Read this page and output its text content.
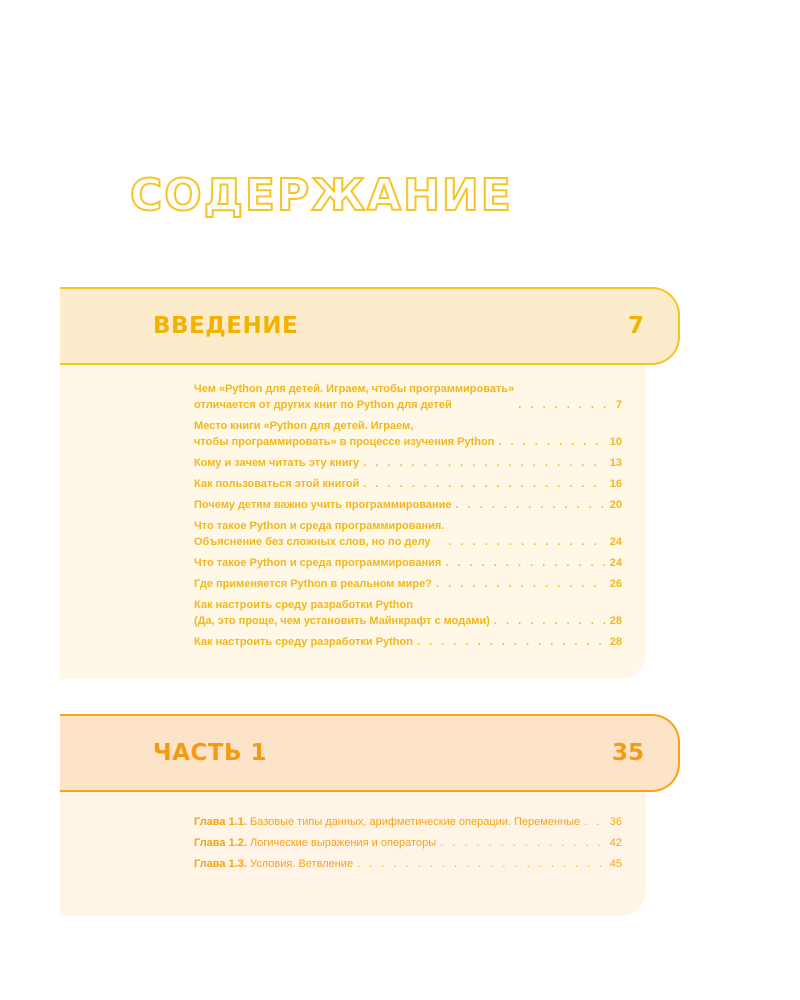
СОДЕРЖАНИЕ
ВВЕДЕНИЕ	7
Чем «Python для детей. Играем, чтобы программировать»
отличается от других книг по Python для детей . . .	7
Место книги «Python для детей. Играем,
чтобы программировать» в процессе изучения Python . . .	10
Кому и зачем читать эту книгу . . .	13
Как пользоваться этой книгой . . .	16
Почему детям важно учить программирование . . .	20
Что такое Python и среда программирования.
Объяснение без сложных слов, но по делу . . .	24
Что такое Python и среда программирования . . .	24
Где применяется Python в реальном мире? . . .	26
Как настроить среду разработки Python
(Да, это проще, чем установить Майнкрафт с модами) . . .	28
Как настроить среду разработки Python . . .	28
ЧАСТЬ 1	35
Глава 1.1. Базовые типы данных, арифметические операции. Переменные . . .	36
Глава 1.2. Логические выражения и операторы . . .	42
Глава 1.3. Условия. Ветвление . . .	45
